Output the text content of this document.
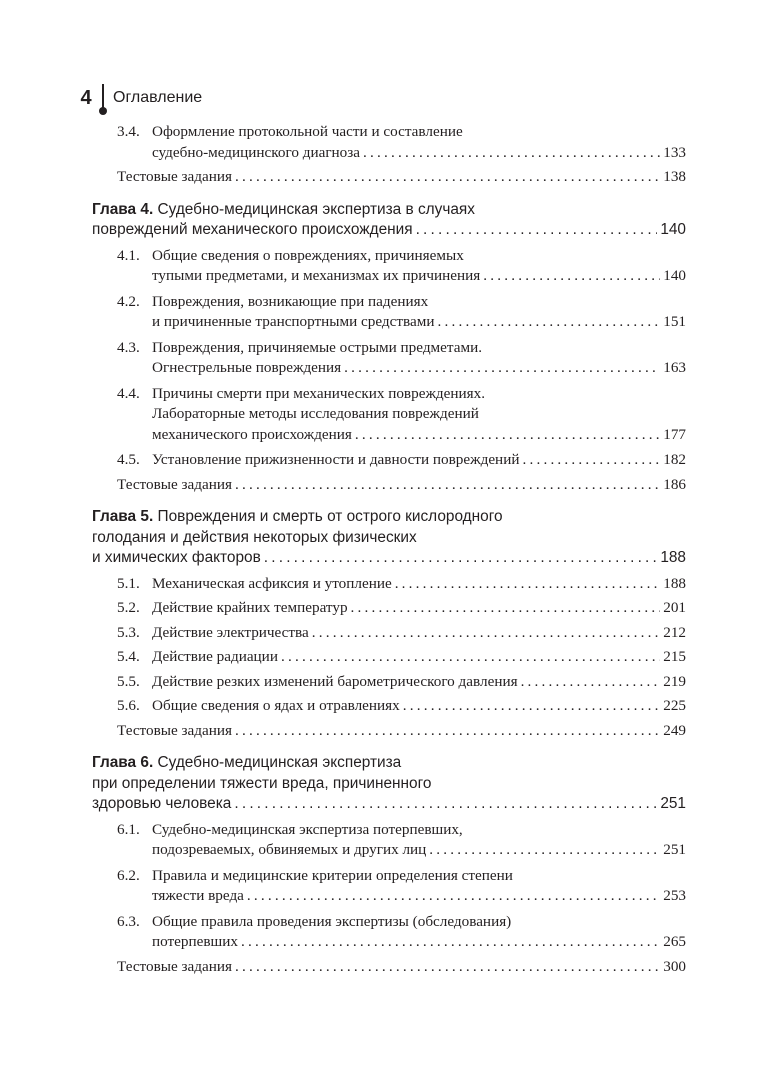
4 Оглавление
3.4. Оформление протокольной части и составление
судебно-медицинского диагноза .....	133
Тестовые задания .....	138
Глава 4.
Судебно-медицинская экспертиза в случаях
повреждений механического происхождения .....	140
4.1. Общие сведения о повреждениях, причиняемых
тупыми предметами, и механизмах их причинения .....	140
4.2. Повреждения, возникающие при падениях
и причиненные транспортными средствами .....	151
4.3. Повреждения, причиняемые острыми предметами.
Огнестрельные повреждения .....	163
4.4. Причины смерти при механических повреждениях.
Лабораторные методы исследования повреждений
механического происхождения .....	177
4.5. Установление прижизненности и давности повреждений .....	182
Тестовые задания .....	186
Глава 5.
Повреждения и смерть от острого кислородного
голодания и действия некоторых физических
и химических факторов .....	188
5.1. Механическая асфиксия и утопление .....	188
5.2. Действие крайних температур .....	201
5.3. Действие электричества .....	212
5.4. Действие радиации .....	215
5.5. Действие резких изменений барометрического давления .....	219
5.6. Общие сведения о ядах и отравлениях .....	225
Тестовые задания .....	249
Глава 6.
Судебно-медицинская экспертиза
при определении тяжести вреда, причиненного
здоровью человека .....	251
6.1. Судебно-медицинская экспертиза потерпевших,
подозреваемых, обвиняемых и других лиц .....	251
6.2. Правила и медицинские критерии определения степени
тяжести вреда .....	253
6.3. Общие правила проведения экспертизы (обследования)
потерпевших .....	265
Тестовые задания .....	300
